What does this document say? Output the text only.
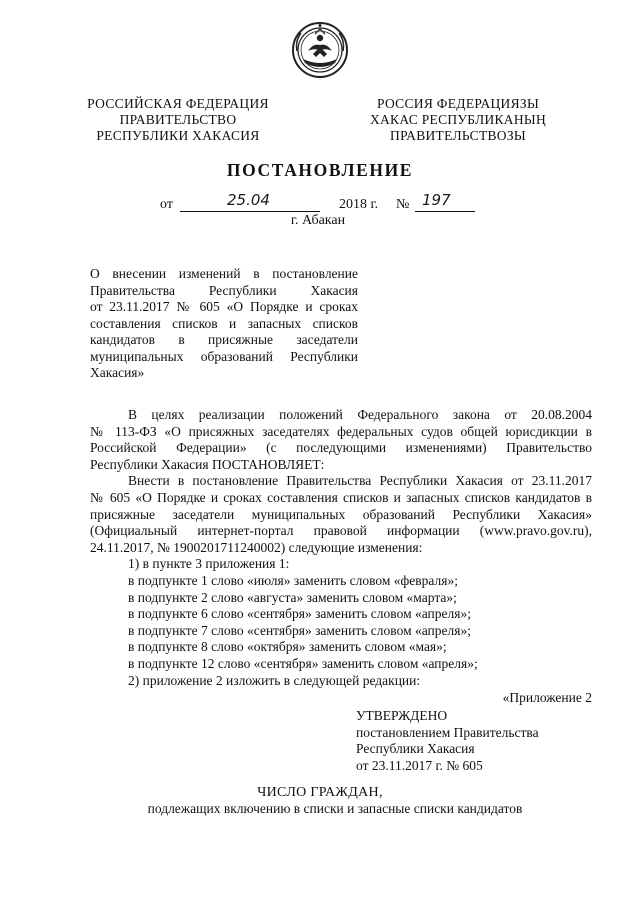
РОССИЙСКАЯ ФЕДЕРАЦИЯ
ПРАВИТЕЛЬСТВО
РЕСПУБЛИКИ ХАКАСИЯ
РОССИЯ ФЕДЕРАЦИЯЗЫ
ХАКАС РЕСПУБЛИКАНЫҢ
ПРАВИТЕЛЬСТВОЗЫ
ПОСТАНОВЛЕНИЕ
от	25.04	2018 г. № 197
г. Абакан
О внесении изменений в постановление
Правительства Республики Хакасия
от 23.11.2017 № 605 «О Порядке и сроках
составления списков и запасных списков
кандидатов в присяжные заседатели
муниципальных образований Республики
Хакасия»
В целях реализации положений Федерального закона от 20.08.2004
№ 113-ФЗ «О присяжных заседателях федеральных судов общей юрисдикции в
Российской Федерации» (с последующими изменениями) Правительство
Республики Хакасия ПОСТАНОВЛЯЕТ:
Внести в постановление Правительства Республики Хакасия от 23.11.2017
№ 605 «О Порядке и сроках составления списков и запасных списков кандидатов в
присяжные заседатели муниципальных образований Республики Хакасия»
(Официальный интернет-портал правовой информации (www.pravo.gov.ru),
24.11.2017, № 1900201711240002) следующие изменения:
1) в пункте 3 приложения 1:
в подпункте 1 слово «июля» заменить словом «февраля»;
в подпункте 2 слово «августа» заменить словом «марта»;
в подпункте 6 слово «сентября» заменить словом «апреля»;
в подпункте 7 слово «сентября» заменить словом «апреля»;
в подпункте 8 слово «октября» заменить словом «мая»;
в подпункте 12 слово «сентября» заменить словом «апреля»;
2) приложение 2 изложить в следующей редакции:
«Приложение 2
УТВЕРЖДЕНО
постановлением Правительства
Республики Хакасия
от 23.11.2017 г. № 605
ЧИСЛО ГРАЖДАН,
подлежащих включению в списки и запасные списки кандидатов
